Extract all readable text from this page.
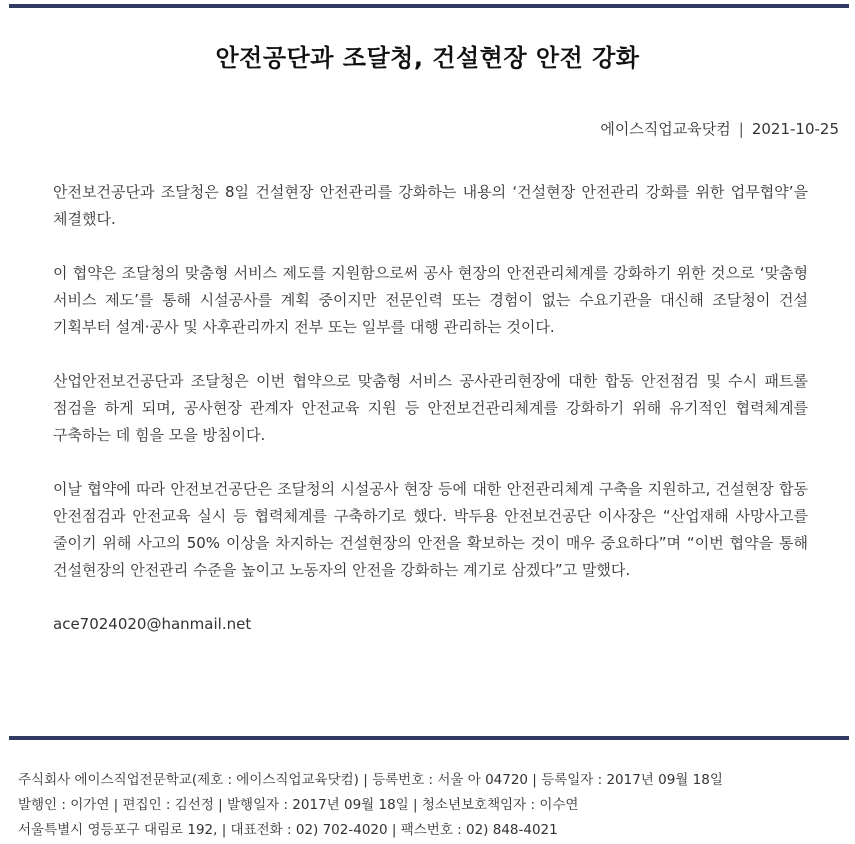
안전공단과 조달청, 건설현장 안전 강화
에이스직업교육닷컴 | 2021-10-25

안전보건공단과 조달청은 8일 건설현장 안전관리를 강화하는 내용의 ‘건설현장 안전관리 강화를 위한 업무협약’을 체결했다.

이 협약은 조달청의 맞춤형 서비스 제도를 지원함으로써 공사 현장의 안전관리체계를 강화하기 위한 것으로 ‘맞춤형 서비스 제도’를 통해 시설공사를 계획 중이지만 전문인력 또는 경험이 없는 수요기관을 대신해 조달청이 건설 기획부터 설계·공사 및 사후관리까지 전부 또는 일부를 대행 관리하는 것이다.

산업안전보건공단과 조달청은 이번 협약으로 맞춤형 서비스 공사관리현장에 대한 합동 안전점검 및 수시 패트롤 점검을 하게 되며, 공사현장 관계자 안전교육 지원 등 안전보건관리체계를 강화하기 위해 유기적인 협력체계를 구축하는 데 힘을 모을 방침이다.

이날 협약에 따라 안전보건공단은 조달청의 시설공사 현장 등에 대한 안전관리체계 구축을 지원하고, 건설현장 합동 안전점검과 안전교육 실시 등 협력체계를 구축하기로 했다. 박두용 안전보건공단 이사장은 “산업재해 사망사고를 줄이기 위해 사고의 50% 이상을 차지하는 건설현장의 안전을 확보하는 것이 매우 중요하다”며 “이번 협약을 통해 건설현장의 안전관리 수준을 높이고 노동자의 안전을 강화하는 계기로 삼겠다”고 말했다.

ace7024020@hanmail.net
주식회사 에이스직업전문학교(제호 : 에이스직업교육닷컴) | 등록번호 : 서울 아 04720 | 등록일자 : 2017년 09월 18일
발행인 : 이가연 | 편집인 : 김선정 | 발행일자 : 2017년 09월 18일 | 청소년보호책임자 : 이수연
서울특별시 영등포구 대림로 192, | 대표전화 : 02) 702-4020 | 팩스번호 : 02) 848-4021
